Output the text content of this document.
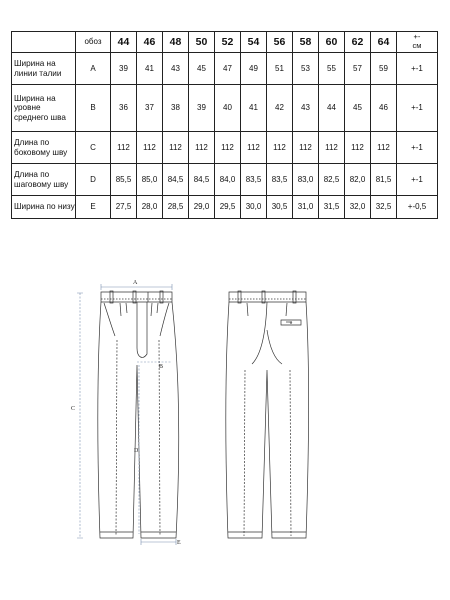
	обоз	44	46	48	50	52	54	56	58	60	62	64	+-
см
Ширина на линии талии	A	39	41	43	45	47	49	51	53	55	57	59	+-1
Ширина на уровне среднего шва	B	36	37	38	39	40	41	42	43	44	45	46	+-1
Длина по боковому шву	C	112	112	112	112	112	112	112	112	112	112	112	+-1
Длина по шаговому шву	D	85,5	85,0	84,5	84,5	84,0	83,5	83,5	83,0	82,5	82,0	81,5	+-1
Ширина по низу	E	27,5	28,0	28,5	29,0	29,5	30,0	30,5	31,0	31,5	32,0	32,5	+-0,5
A
B
C
D
E
